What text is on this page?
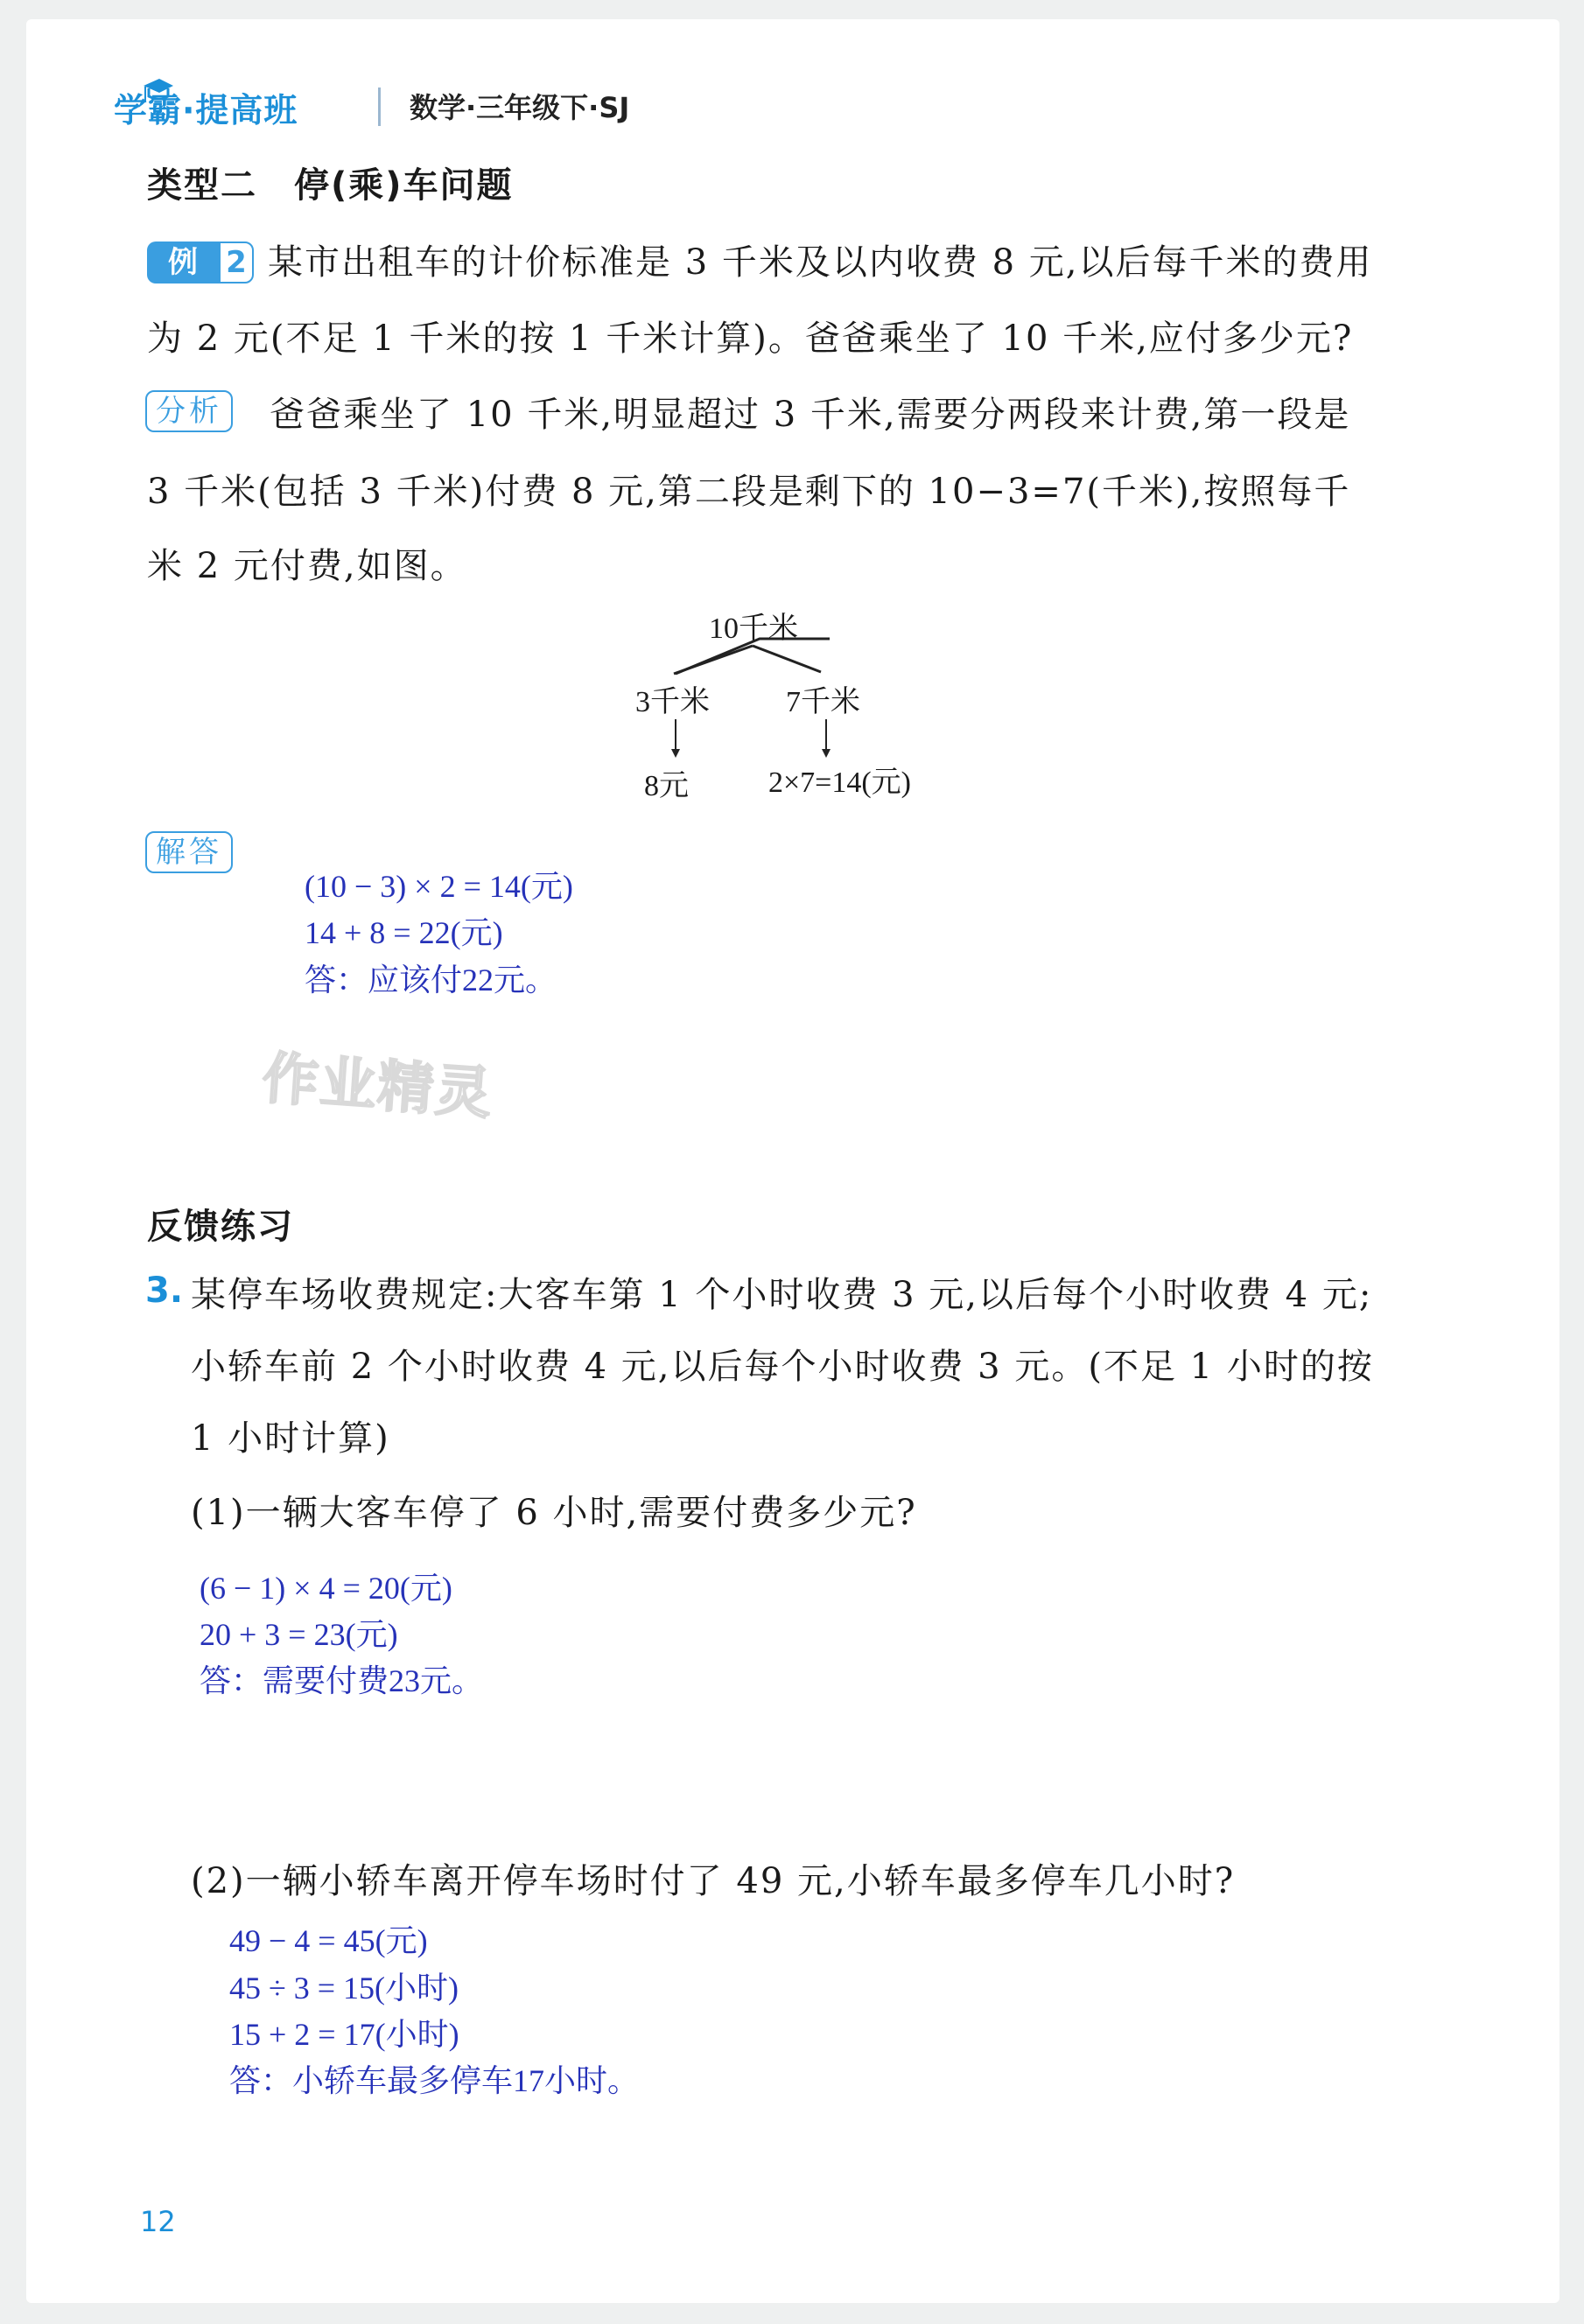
学霸·提高班	数学·三年级下·SJ
类型二　停(乘)车问题
例 2 某市出租车的计价标准是 3 千米及以内收费 8 元,以后每千米的费用
为 2 元(不足 1 千米的按 1 千米计算)。爸爸乘坐了 10 千米,应付多少元?
分析	爸爸乘坐了 10 千米,明显超过 3 千米,需要分两段来计费,第一段是
3 千米(包括 3 千米)付费 8 元,第二段是剩下的 10−3=7(千米),按照每千
米 2 元付费,如图。
10千米
3千米	7千米
8元	2×7=14(元)
解答
(10 − 3) × 2 = 14(元)
14 + 8 = 22(元)
答：应该付22元。
作业精灵
反馈练习
3. 某停车场收费规定:大客车第 1 个小时收费 3 元,以后每个小时收费 4 元;
小轿车前 2 个小时收费 4 元,以后每个小时收费 3 元。(不足 1 小时的按
1 小时计算)
(1)一辆大客车停了 6 小时,需要付费多少元?
(6 − 1) × 4 = 20(元)
20 + 3 = 23(元)
答：需要付费23元。
(2)一辆小轿车离开停车场时付了 49 元,小轿车最多停车几小时?
49 − 4 = 45(元)
45 ÷ 3 = 15(小时)
15 + 2 = 17(小时)
答：小轿车最多停车17小时。
12
